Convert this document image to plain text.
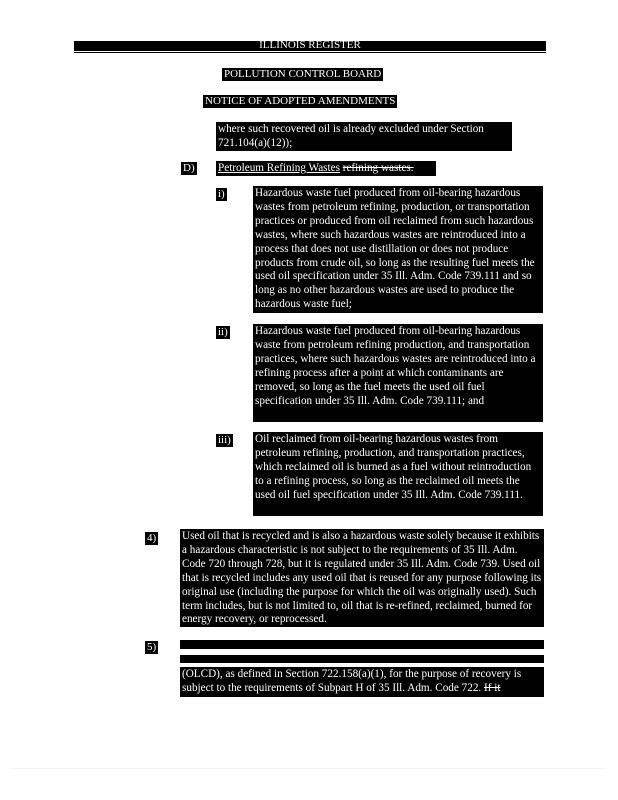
ILLINOIS REGISTER
POLLUTION CONTROL BOARD
NOTICE OF ADOPTED AMENDMENTS
where such recovered oil is already excluded under Section 721.104(a)(12));
D) Petroleum Refining Wastes refining wastes.
i)	Hazardous waste fuel produced from oil-bearing hazardous wastes from petroleum refining, production, or transportation practices or produced from oil reclaimed from such hazardous wastes, where such hazardous wastes are reintroduced into a process that does not use distillation or does not produce products from crude oil, so long as the resulting fuel meets the used oil specification under 35 Ill. Adm. Code 739.111 and so long as no other hazardous wastes are used to produce the hazardous waste fuel;
ii) Hazardous waste fuel produced from oil-bearing hazardous waste from petroleum refining production, and transportation practices, where such hazardous wastes are reintroduced into a refining process after a point at which contaminants are removed, so long as the fuel meets the used oil fuel specification under 35 Ill. Adm. Code 739.111; and
iii) Oil reclaimed from oil-bearing hazardous wastes from petroleum refining, production, and transportation practices, which reclaimed oil is burned as a fuel without reintroduction to a refining process, so long as the reclaimed oil meets the used oil fuel specification under 35 Ill. Adm. Code 739.111.
4) Used oil that is recycled and is also a hazardous waste solely because it exhibits a hazardous characteristic is not subject to the requirements of 35 Ill. Adm. Code 720 through 728, but it is regulated under 35 Ill. Adm. Code 739. Used oil that is recycled includes any used oil that is reused for any purpose following its original use (including the purpose for which the oil was originally used). Such term includes, but is not limited to, oil that is re-refined, reclaimed, burned for energy recovery, or reprocessed.
5)
(OLCD), as defined in Section 722.158(a)(1), for the purpose of recovery is subject to the requirements of Subpart H of 35 Ill. Adm. Code 722. If it
